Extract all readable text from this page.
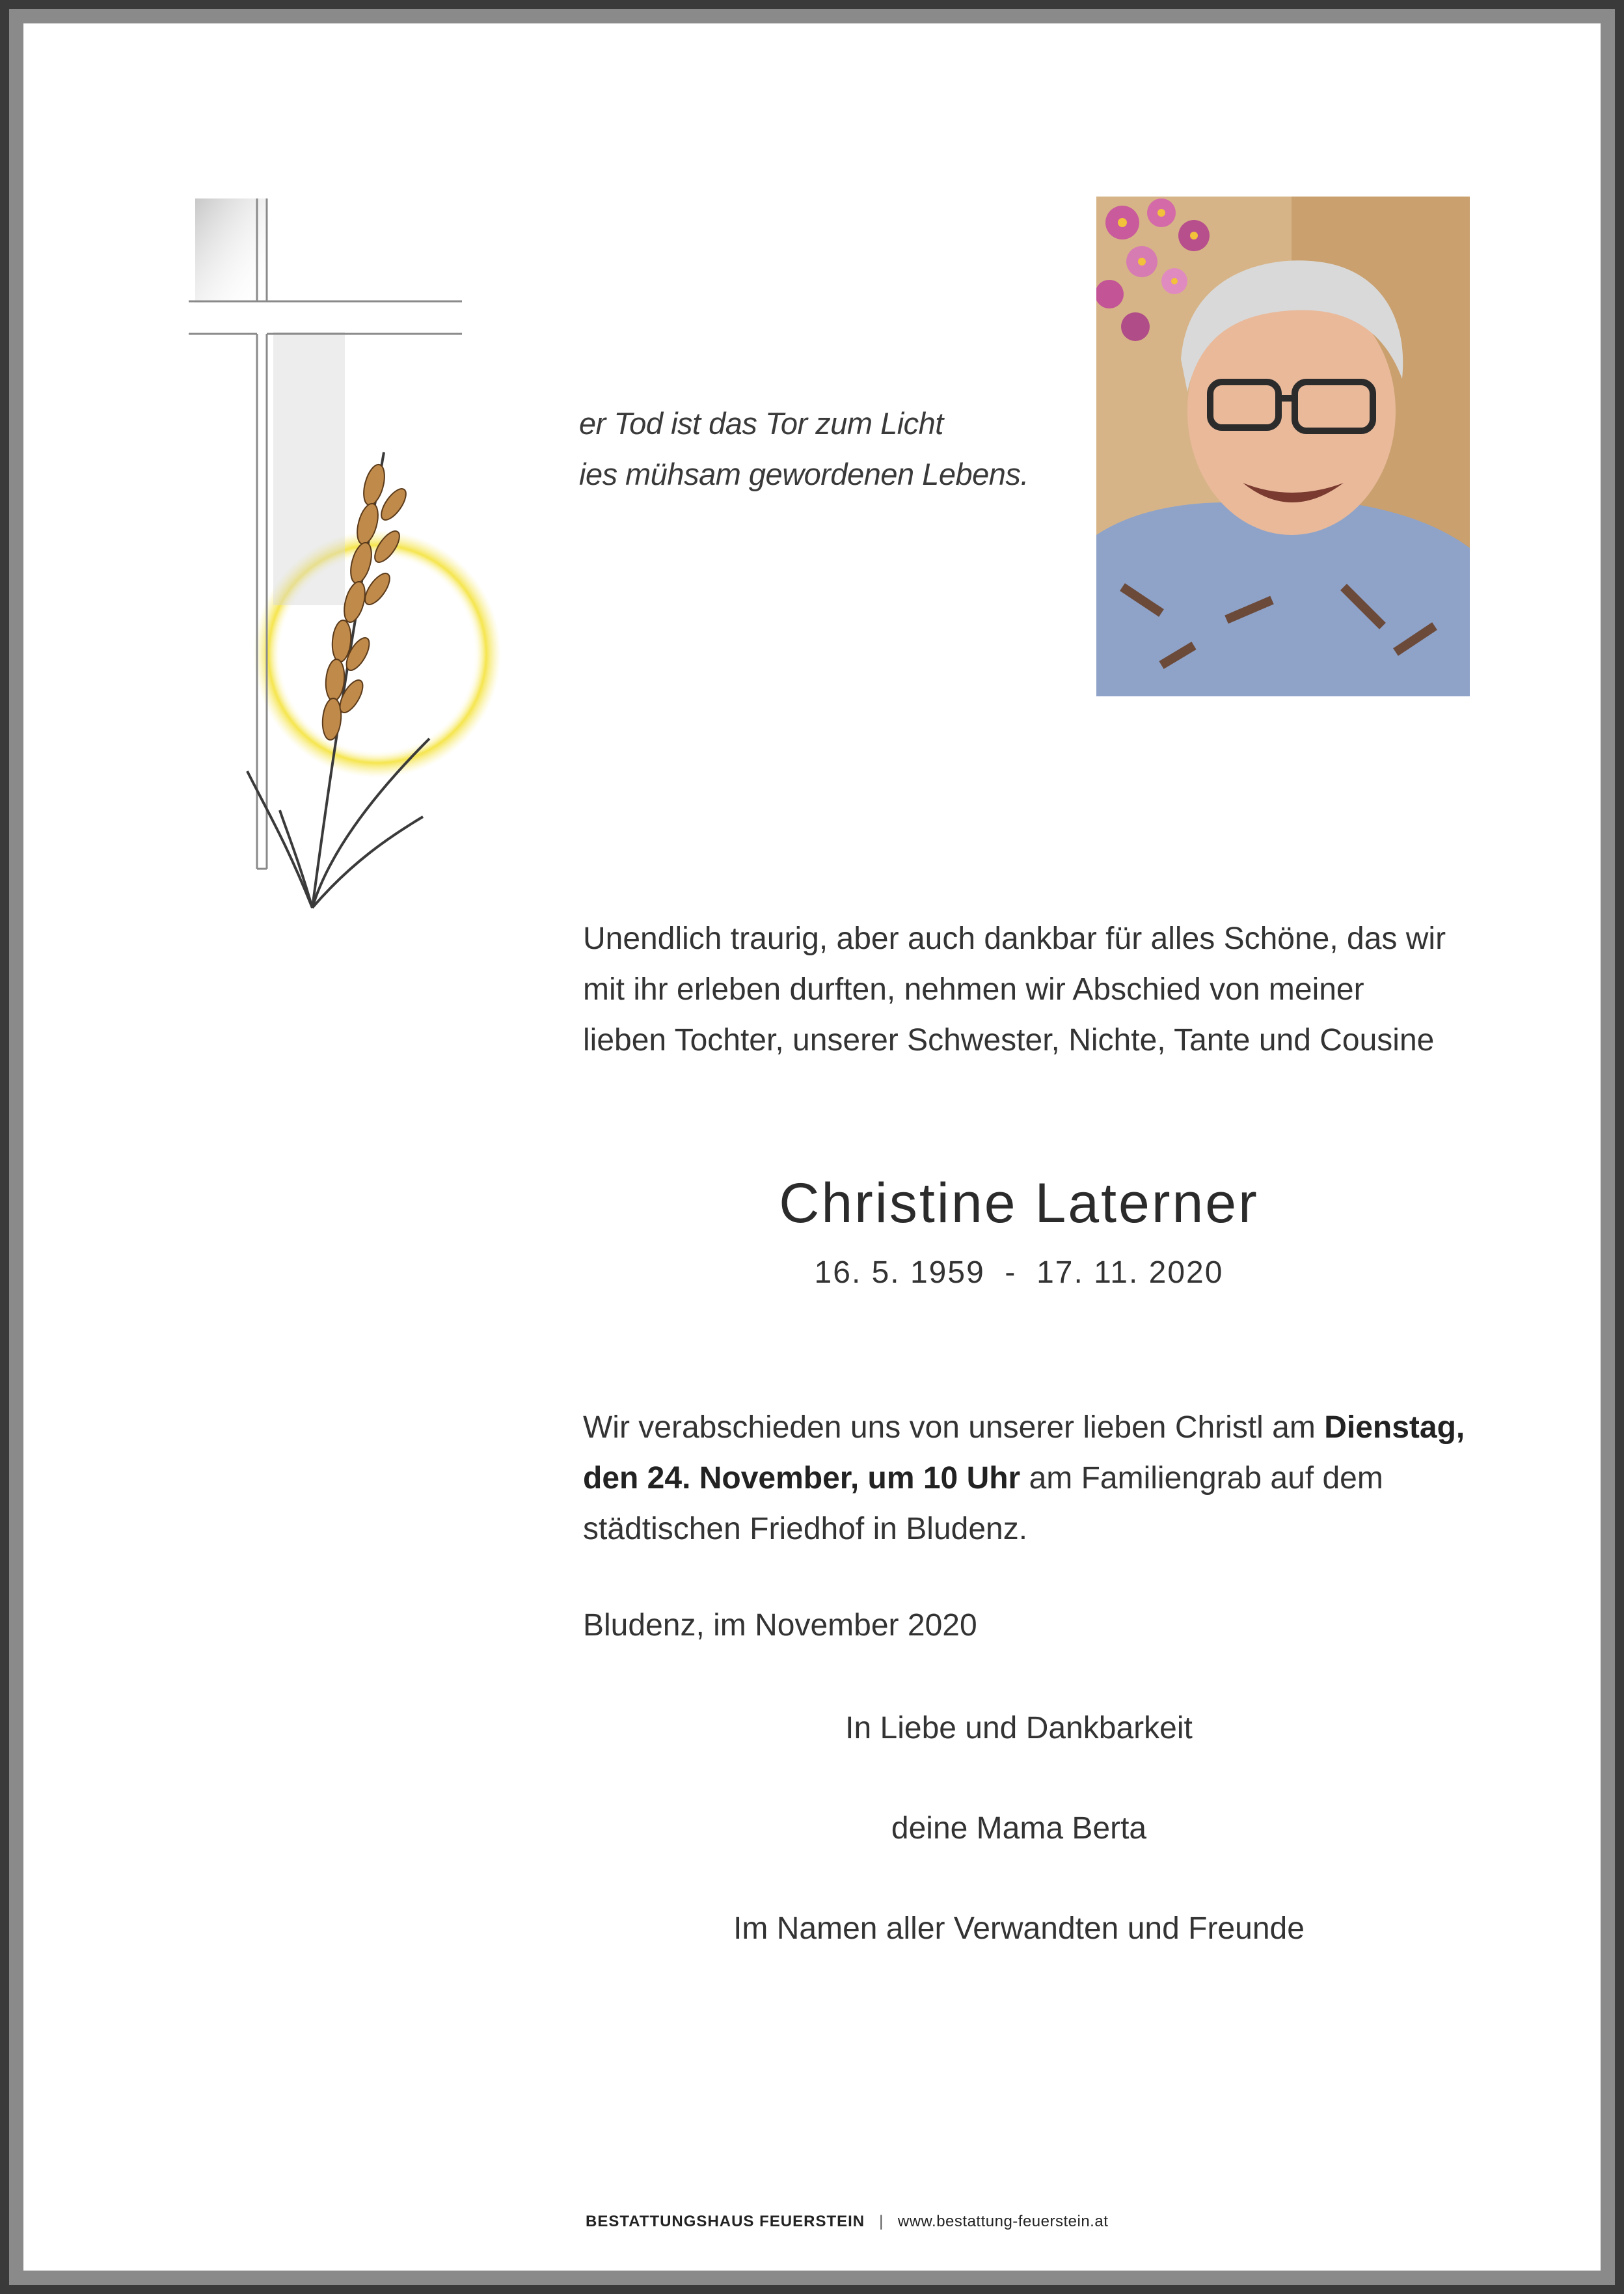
er Tod ist das Tor zum Licht
ies mühsam gewordenen Lebens.
Unendlich traurig, aber auch dankbar für alles Schöne, das wir
mit ihr erleben durften, nehmen wir Abschied von meiner
lieben Tochter, unserer Schwester, Nichte, Tante und Cousine
Christine Laterner
16. 5. 1959  -  17. 11. 2020
Wir verabschieden uns von unserer lieben Christl am Dienstag,
den 24. November, um 10 Uhr am Familiengrab auf dem
städtischen Friedhof in Bludenz.
Bludenz, im November 2020
In Liebe und Dankbarkeit
deine Mama Berta
Im Namen aller Verwandten und Freunde
BESTATTUNGSHAUS FEUERSTEIN | www.bestattung-feuerstein.at
